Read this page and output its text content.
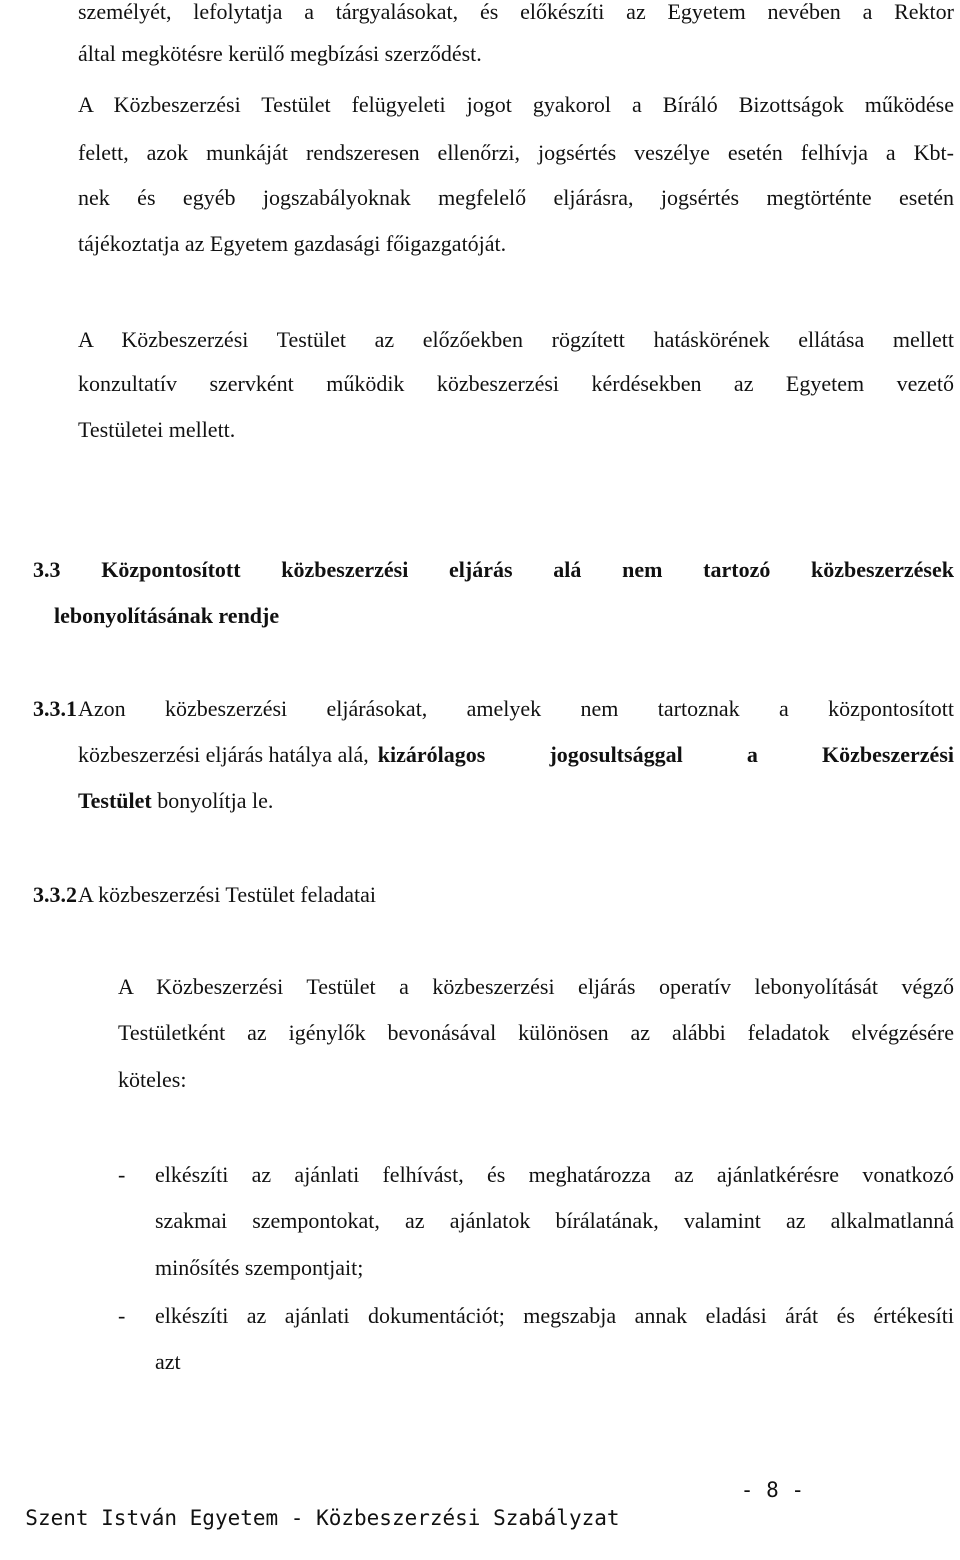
személyét, lefolytatja a tárgyalásokat, és előkészíti az Egyetem nevében a Rektor
által megkötésre kerülő megbízási szerződést.
A Közbeszerzési Testület felügyeleti jogot gyakorol a Bíráló Bizottságok működése
felett, azok munkáját rendszeresen ellenőrzi, jogsértés veszélye esetén felhívja a Kbt-
nek és egyéb jogszabályoknak megfelelő eljárásra, jogsértés megtörténte esetén
tájékoztatja az Egyetem gazdasági főigazgatóját.
A Közbeszerzési Testület az előzőekben rögzített hatáskörének ellátása mellett
konzultatív szervként működik közbeszerzési kérdésekben az Egyetem vezető
Testületei mellett.
3.3 Központosított közbeszerzési eljárás alá nem tartozó közbeszerzések
lebonyolításának rendje
3.3.1 Azon közbeszerzési eljárásokat, amelyek nem tartoznak a központosított
közbeszerzési eljárás hatálya alá, kizárólagos jogosultsággal a Közbeszerzési
Testület bonyolítja le.
3.3.2 A közbeszerzési Testület feladatai
A Közbeszerzési Testület a közbeszerzési eljárás operatív lebonyolítását végző
Testületként az igénylők bevonásával különösen az alábbi feladatok elvégzésére
köteles:
- elkészíti az ajánlati felhívást, és meghatározza az ajánlatkérésre vonatkozó
szakmai szempontokat, az ajánlatok bírálatának, valamint az alkalmatlanná
minősítés szempontjait;
- elkészíti az ajánlati dokumentációt; megszabja annak eladási árát és értékesíti
azt

Szent István Egyetem - Közbeszerzési Szabályzat

- 8 -
